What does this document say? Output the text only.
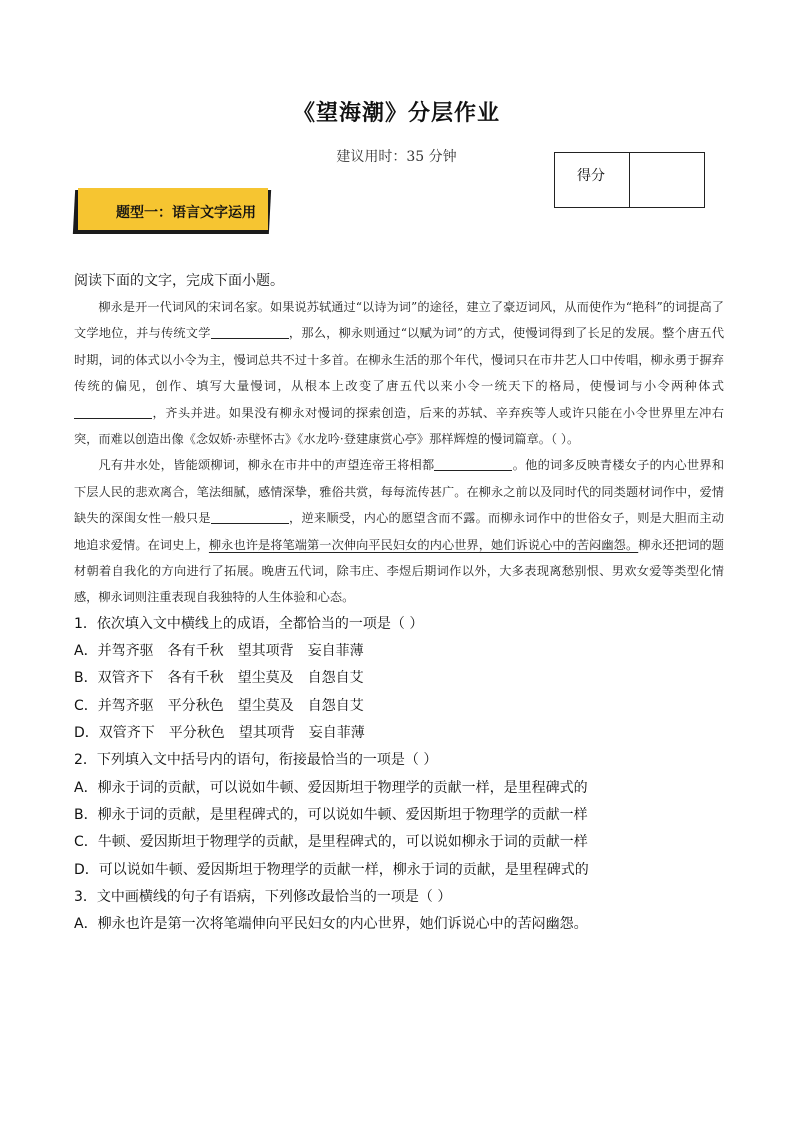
《望海潮》分层作业
建议用时：35 分钟
得分
题型一：语言文字运用

阅读下面的文字，完成下面小题。

柳永是开一代词风的宋词名家。如果说苏轼通过“以诗为词”的途径，建立了豪迈词风，从而使作为“艳科”的词提高了文学地位，并与传统文学	，那么，柳永则通过“以赋为词”的方式，使慢词得到了长足的发展。整个唐五代时期，词的体式以小令为主，慢词总共不过十多首。在柳永生活的那个年代，慢词只在市井艺人口中传唱，柳永勇于摒弃传统的偏见，创作、填写大量慢词，从根本上改变了唐五代以来小令一统天下的格局，使慢词与小令两种体式，齐头并进。如果没有柳永对慢词的探索创造，后来的苏轼、辛弃疾等人或许只能在小令世界里左冲右突，而难以创造出像《念奴娇·赤壁怀古》《水龙吟·登建康赏心亭》那样辉煌的慢词篇章。（ ）。

凡有井水处，皆能颂柳词，柳永在市井中的声望连帝王将相都	。他的词多反映青楼女子的内心世界和下层人民的悲欢离合，笔法细腻，感情深挚，雅俗共赏，每每流传甚广。在柳永之前以及同时代的同类题材词作中，爱情缺失的深闺女性一般只是	，逆来顺受，内心的愿望含而不露。而柳永词作中的世俗女子，则是大胆而主动地追求爱情。在词史上，柳永也许是将笔端第一次伸向平民妇女的内心世界，她们诉说心中的苦闷幽怨。柳永还把词的题材朝着自我化的方向进行了拓展。晚唐五代词，除韦庄、李煜后期词作以外，大多表现离愁别恨、男欢女爱等类型化情感，柳永词则注重表现自我独特的人生体验和心态。

1．依次填入文中横线上的成语，全都恰当的一项是（ ）

A．并驾齐驱　各有千秋　望其项背　妄自菲薄

B．双管齐下　各有千秋　望尘莫及　自怨自艾

C．并驾齐驱　平分秋色　望尘莫及　自怨自艾

D．双管齐下　平分秋色　望其项背　妄自菲薄

2．下列填入文中括号内的语句，衔接最恰当的一项是（ ）

A．柳永于词的贡献，可以说如牛顿、爱因斯坦于物理学的贡献一样，是里程碑式的

B．柳永于词的贡献，是里程碑式的，可以说如牛顿、爱因斯坦于物理学的贡献一样

C．牛顿、爱因斯坦于物理学的贡献，是里程碑式的，可以说如柳永于词的贡献一样

D．可以说如牛顿、爱因斯坦于物理学的贡献一样，柳永于词的贡献，是里程碑式的

3．文中画横线的句子有语病，下列修改最恰当的一项是（ ）

A．柳永也许是第一次将笔端伸向平民妇女的内心世界，她们诉说心中的苦闷幽怨。
